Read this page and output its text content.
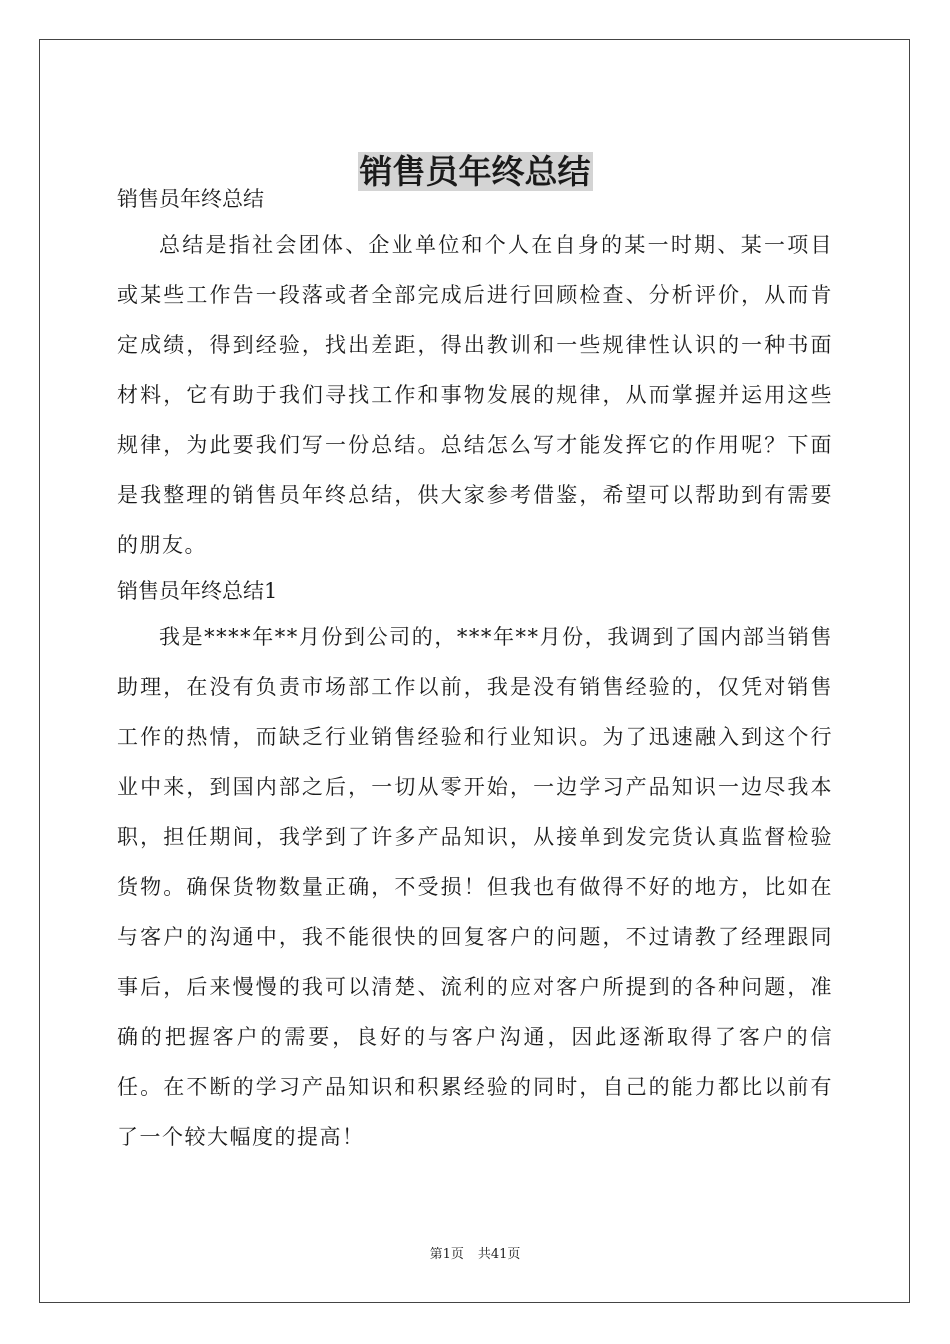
销售员年终总结
销售员年终总结

总结是指社会团体、企业单位和个人在自身的某一时期、某一项目或某些工作告一段落或者全部完成后进行回顾检查、分析评价，从而肯定成绩，得到经验，找出差距，得出教训和一些规律性认识的一种书面材料，它有助于我们寻找工作和事物发展的规律，从而掌握并运用这些规律，为此要我们写一份总结。总结怎么写才能发挥它的作用呢？下面是我整理的销售员年终总结，供大家参考借鉴，希望可以帮助到有需要的朋友。

销售员年终总结1

我是****年**月份到公司的，***年**月份，我调到了国内部当销售助理，在没有负责市场部工作以前，我是没有销售经验的，仅凭对销售工作的热情，而缺乏行业销售经验和行业知识。为了迅速融入到这个行业中来，到国内部之后，一切从零开始，一边学习产品知识一边尽我本职，担任期间，我学到了许多产品知识，从接单到发完货认真监督检验货物。确保货物数量正确，不受损！但我也有做得不好的地方，比如在与客户的沟通中，我不能很快的回复客户的问题，不过请教了经理跟同事后，后来慢慢的我可以清楚、流利的应对客户所提到的各种问题，准确的把握客户的需要，良好的与客户沟通，因此逐渐取得了客户的信任。在不断的学习产品知识和积累经验的同时，自己的能力都比以前有了一个较大幅度的提高！

第1页 共41页
